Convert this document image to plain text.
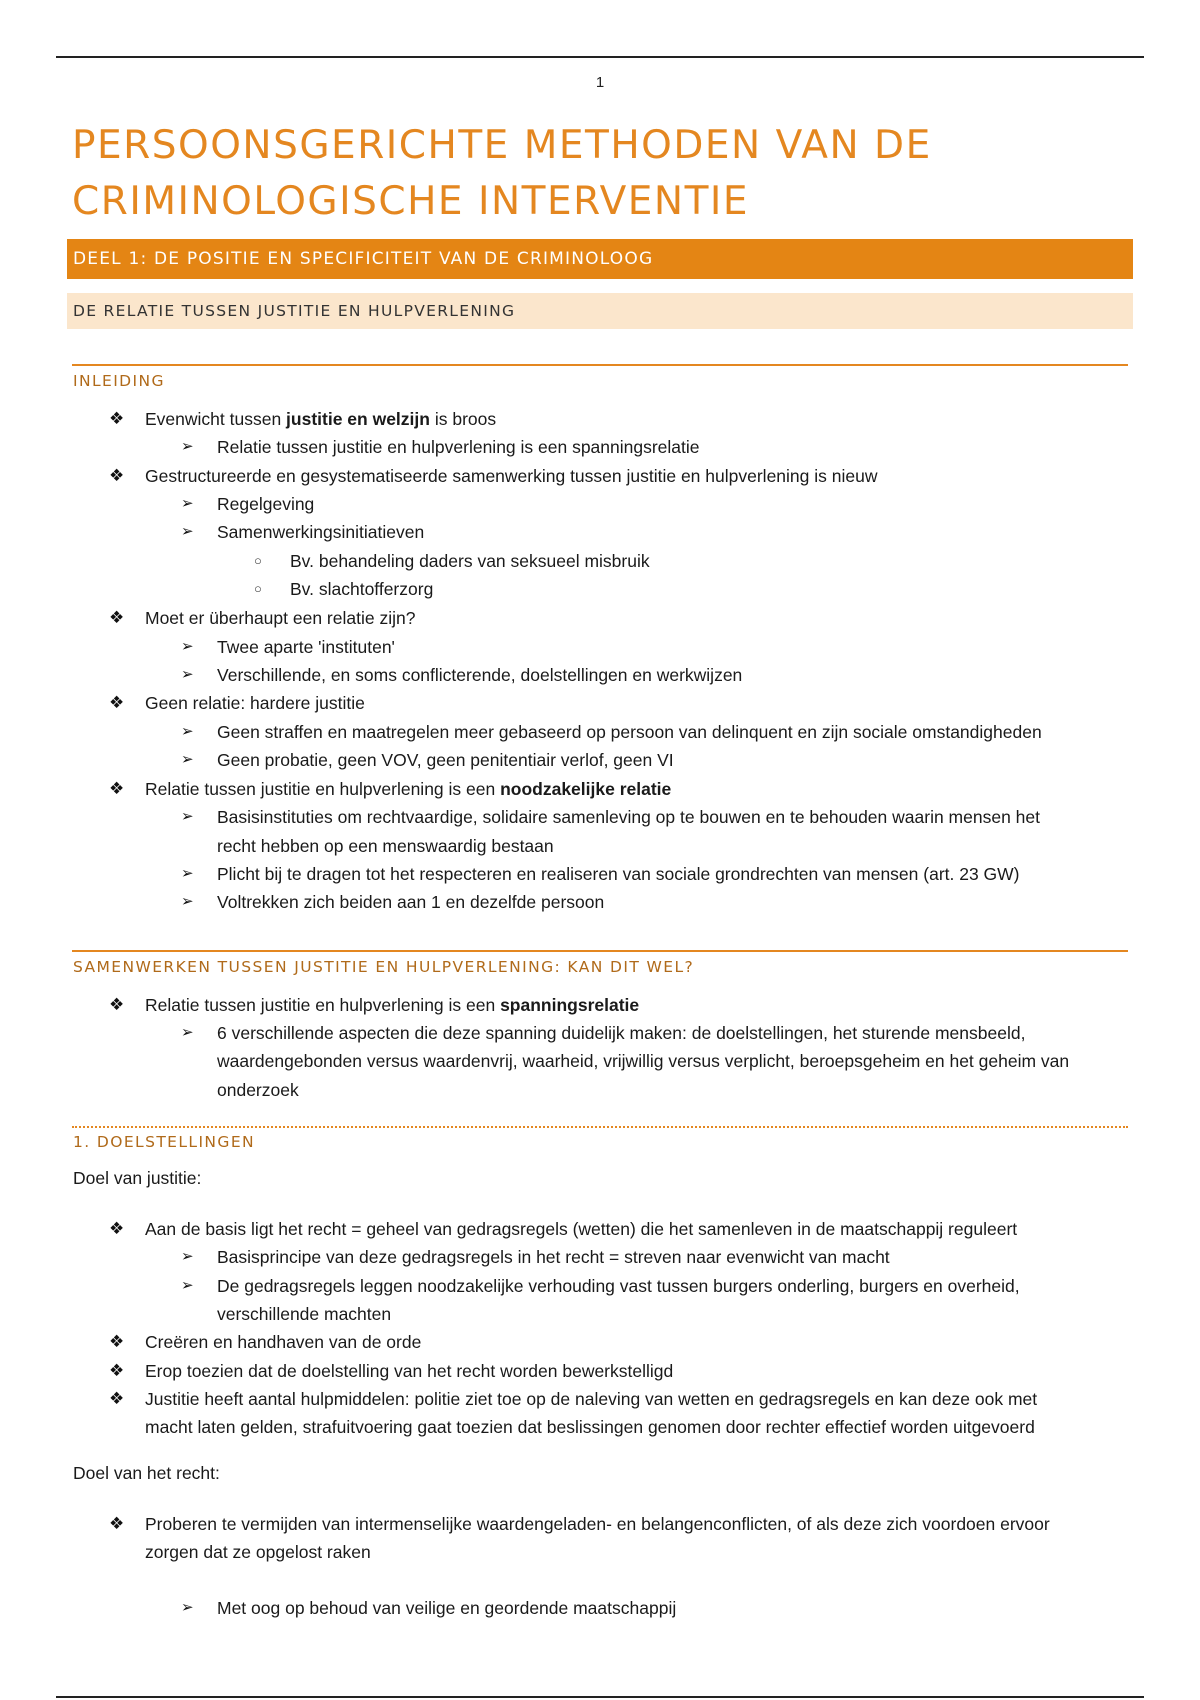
1
PERSOONSGERICHTE METHODEN VAN DE
CRIMINOLOGISCHE INTERVENTIE
DEEL 1: DE POSITIE EN SPECIFICITEIT VAN DE CRIMINOLOOG
DE RELATIE TUSSEN JUSTITIE EN HULPVERLENING
INLEIDING
❖ Evenwicht tussen justitie en welzijn is broos
➢ Relatie tussen justitie en hulpverlening is een spanningsrelatie
❖ Gestructureerde en gesystematiseerde samenwerking tussen justitie en hulpverlening is nieuw
➢ Regelgeving
➢ Samenwerkingsinitiatieven
○ Bv. behandeling daders van seksueel misbruik
○ Bv. slachtofferzorg
❖ Moet er überhaupt een relatie zijn?
➢ Twee aparte 'instituten'
➢ Verschillende, en soms conflicterende, doelstellingen en werkwijzen
❖ Geen relatie: hardere justitie
➢ Geen straffen en maatregelen meer gebaseerd op persoon van delinquent en zijn sociale omstandigheden
➢ Geen probatie, geen VOV, geen penitentiair verlof, geen VI
❖ Relatie tussen justitie en hulpverlening is een noodzakelijke relatie
➢ Basisinstituties om rechtvaardige, solidaire samenleving op te bouwen en te behouden waarin mensen het
recht hebben op een menswaardig bestaan
➢ Plicht bij te dragen tot het respecteren en realiseren van sociale grondrechten van mensen (art. 23 GW)
➢ Voltrekken zich beiden aan 1 en dezelfde persoon
SAMENWERKEN TUSSEN JUSTITIE EN HULPVERLENING: KAN DIT WEL?
❖ Relatie tussen justitie en hulpverlening is een spanningsrelatie
➢ 6 verschillende aspecten die deze spanning duidelijk maken: de doelstellingen, het sturende mensbeeld,
waardengebonden versus waardenvrij, waarheid, vrijwillig versus verplicht, beroepsgeheim en het geheim van
onderzoek
1. DOELSTELLINGEN
Doel van justitie:
❖ Aan de basis ligt het recht = geheel van gedragsregels (wetten) die het samenleven in de maatschappij reguleert
➢ Basisprincipe van deze gedragsregels in het recht = streven naar evenwicht van macht
➢ De gedragsregels leggen noodzakelijke verhouding vast tussen burgers onderling, burgers en overheid,
verschillende machten
❖ Creëren en handhaven van de orde
❖ Erop toezien dat de doelstelling van het recht worden bewerkstelligd
❖ Justitie heeft aantal hulpmiddelen: politie ziet toe op de naleving van wetten en gedragsregels en kan deze ook met
macht laten gelden, strafuitvoering gaat toezien dat beslissingen genomen door rechter effectief worden uitgevoerd
Doel van het recht:
❖ Proberen te vermijden van intermenselijke waardengeladen- en belangenconflicten, of als deze zich voordoen ervoor
zorgen dat ze opgelost raken
➢ Met oog op behoud van veilige en geordende maatschappij
